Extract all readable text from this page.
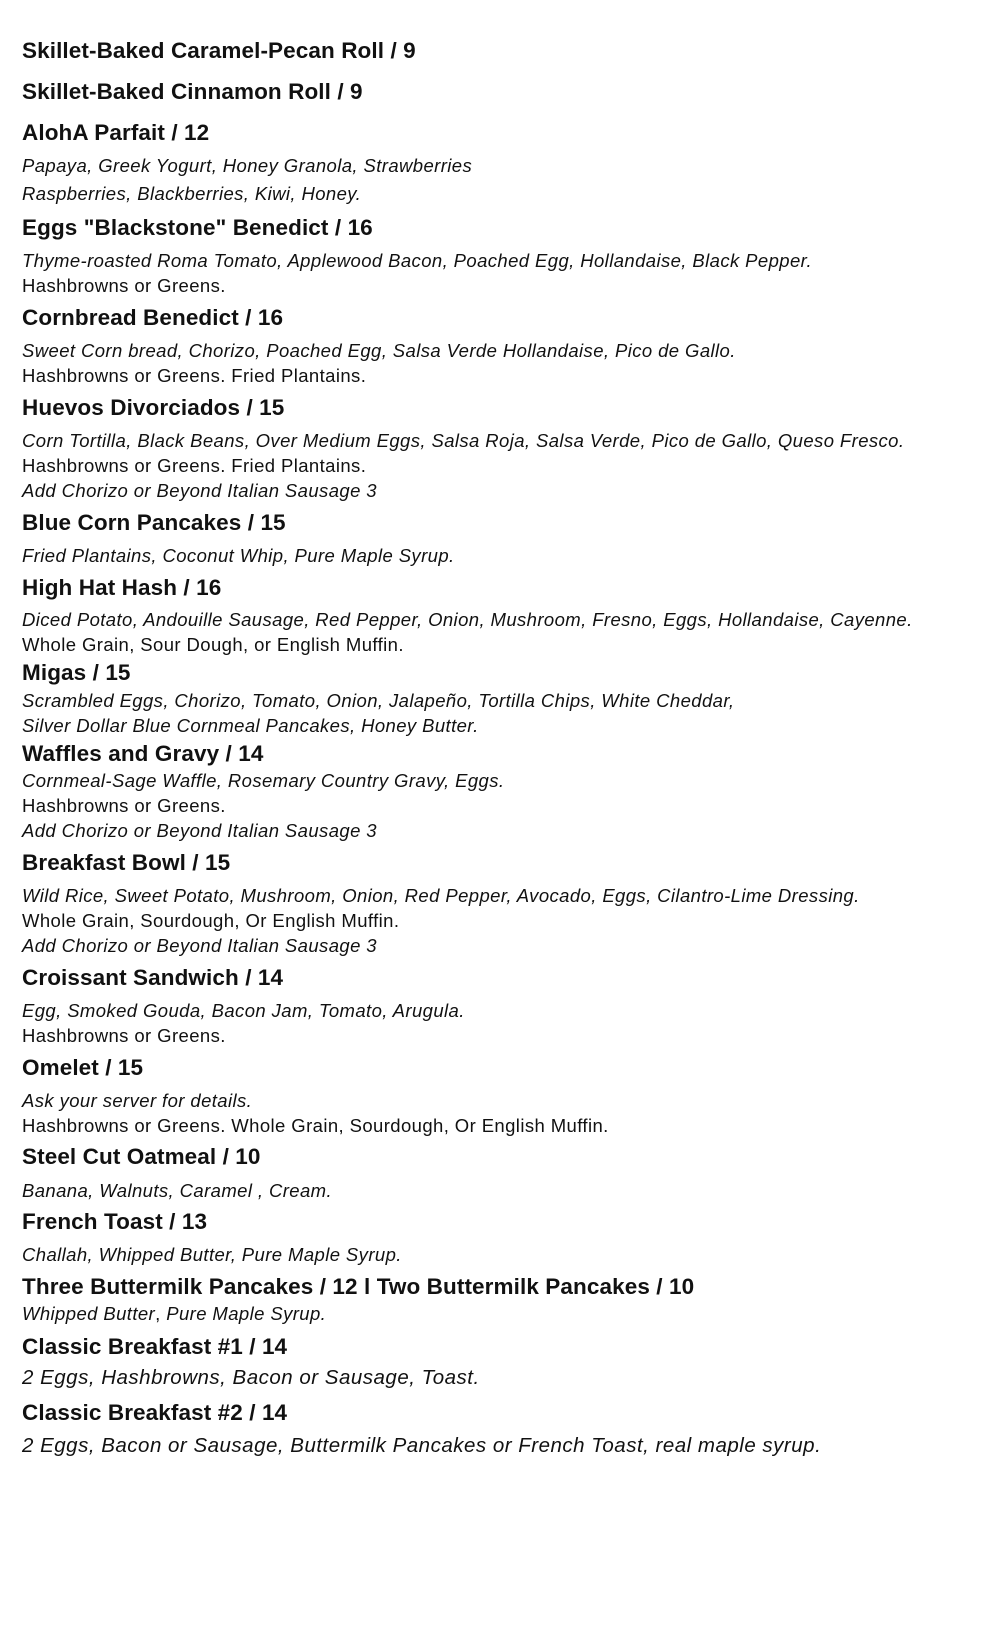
Skillet-Baked Caramel-Pecan Roll / 9
Skillet-Baked Cinnamon Roll / 9
AlohA Parfait / 12
Papaya, Greek Yogurt, Honey Granola, Strawberries
Raspberries, Blackberries, Kiwi, Honey.
Eggs "Blackstone" Benedict / 16
Thyme-roasted Roma Tomato, Applewood Bacon, Poached Egg, Hollandaise, Black Pepper.
Hashbrowns or Greens.
Cornbread Benedict / 16
Sweet Corn bread, Chorizo, Poached Egg, Salsa Verde Hollandaise, Pico de Gallo.
Hashbrowns or Greens. Fried Plantains.
Huevos Divorciados / 15
Corn Tortilla, Black Beans, Over Medium Eggs, Salsa Roja, Salsa Verde, Pico de Gallo, Queso Fresco.
Hashbrowns or Greens. Fried Plantains.
Add Chorizo or Beyond Italian Sausage 3
Blue Corn Pancakes / 15
Fried Plantains, Coconut Whip, Pure Maple Syrup.
High Hat Hash / 16
Diced Potato, Andouille Sausage, Red Pepper, Onion, Mushroom, Fresno, Eggs, Hollandaise, Cayenne.
Whole Grain, Sour Dough, or English Muffin.
Migas / 15
Scrambled Eggs, Chorizo, Tomato, Onion, Jalapeño, Tortilla Chips, White Cheddar,
Silver Dollar Blue Cornmeal Pancakes, Honey Butter.
Waffles and Gravy / 14
Cornmeal-Sage Waffle, Rosemary Country Gravy, Eggs.
Hashbrowns or Greens.
Add Chorizo or Beyond Italian Sausage 3
Breakfast Bowl / 15
Wild Rice, Sweet Potato, Mushroom, Onion, Red Pepper, Avocado, Eggs, Cilantro-Lime Dressing.
Whole Grain, Sourdough, Or English Muffin.
Add Chorizo or Beyond Italian Sausage 3
Croissant Sandwich / 14
Egg, Smoked Gouda, Bacon Jam, Tomato, Arugula.
Hashbrowns or Greens.
Omelet / 15
Ask your server for details.
Hashbrowns or Greens. Whole Grain, Sourdough, Or English Muffin.
Steel Cut Oatmeal / 10
Banana, Walnuts, Caramel , Cream.
French Toast / 13
Challah, Whipped Butter, Pure Maple Syrup.
Three Buttermilk Pancakes / 12 l Two Buttermilk Pancakes / 10
Whipped Butter, Pure Maple Syrup.
Classic Breakfast #1 / 14
2 Eggs, Hashbrowns, Bacon or Sausage, Toast.
Classic Breakfast #2 / 14
2 Eggs, Bacon or Sausage, Buttermilk Pancakes or French Toast, real maple syrup.
